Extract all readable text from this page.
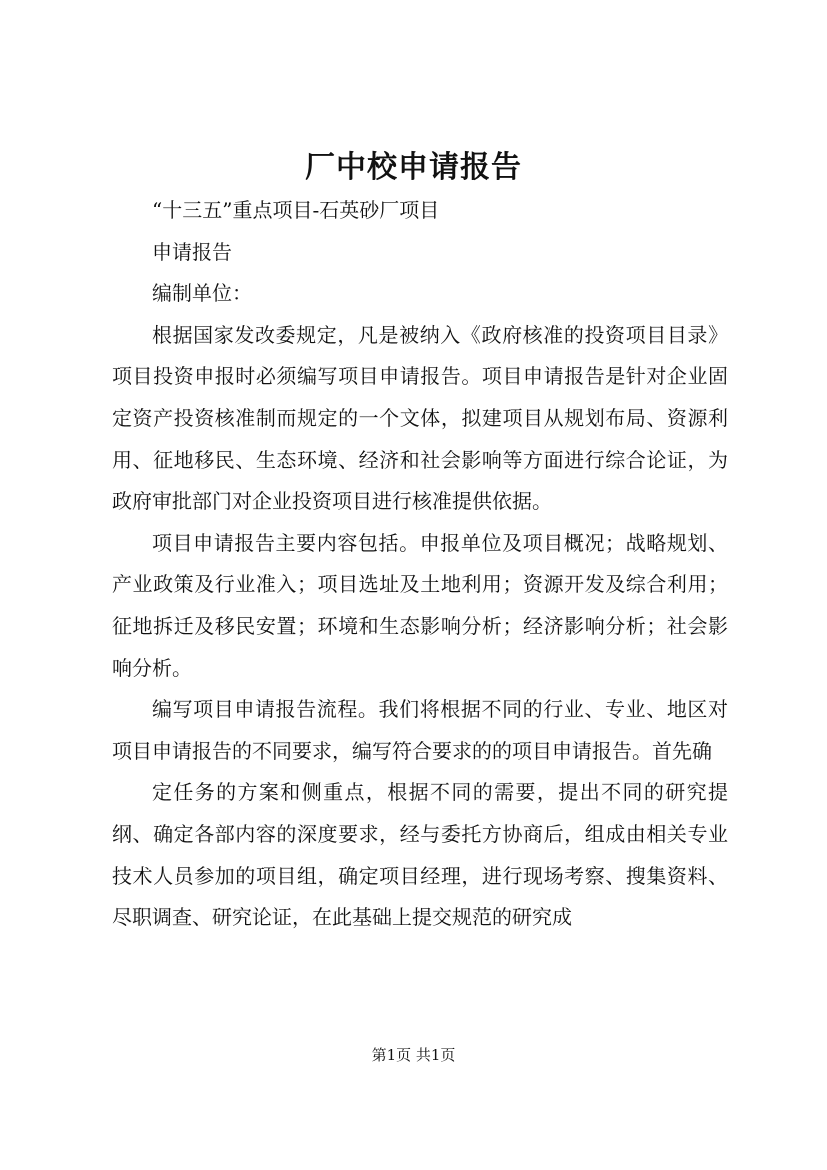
厂中校申请报告

“十三五”重点项目-石英砂厂项目

申请报告

编制单位：

根据国家发改委规定，凡是被纳入《政府核准的投资项目目录》项目投资申报时必须编写项目申请报告。项目申请报告是针对企业固定资产投资核准制而规定的一个文体，拟建项目从规划布局、资源利用、征地移民、生态环境、经济和社会影响等方面进行综合论证，为政府审批部门对企业投资项目进行核准提供依据。

项目申请报告主要内容包括。申报单位及项目概况；战略规划、产业政策及行业准入；项目选址及土地利用；资源开发及综合利用；征地拆迁及移民安置；环境和生态影响分析；经济影响分析；社会影响分析。

编写项目申请报告流程。我们将根据不同的行业、专业、地区对项目申请报告的不同要求，编写符合要求的的项目申请报告。首先确

定任务的方案和侧重点，根据不同的需要，提出不同的研究提纲、确定各部内容的深度要求，经与委托方协商后，组成由相关专业技术人员参加的项目组，确定项目经理，进行现场考察、搜集资料、尽职调查、研究论证，在此基础上提交规范的研究成

第1页 共1页
